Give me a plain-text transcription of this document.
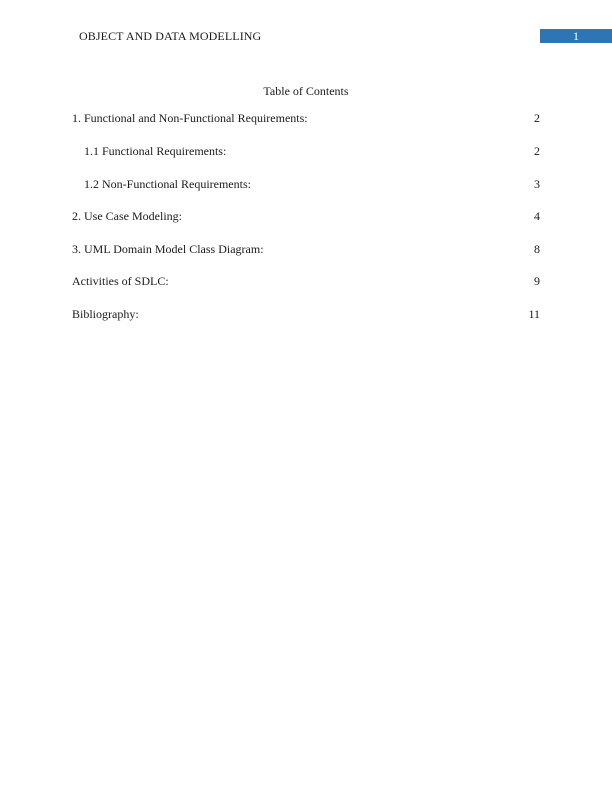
OBJECT AND DATA MODELLING	1
Table of Contents
1. Functional and Non-Functional Requirements:	2
1.1 Functional Requirements:	2
1.2 Non-Functional Requirements:	3
2. Use Case Modeling:	4
3. UML Domain Model Class Diagram:	8
Activities of SDLC:	9
Bibliography:	11
